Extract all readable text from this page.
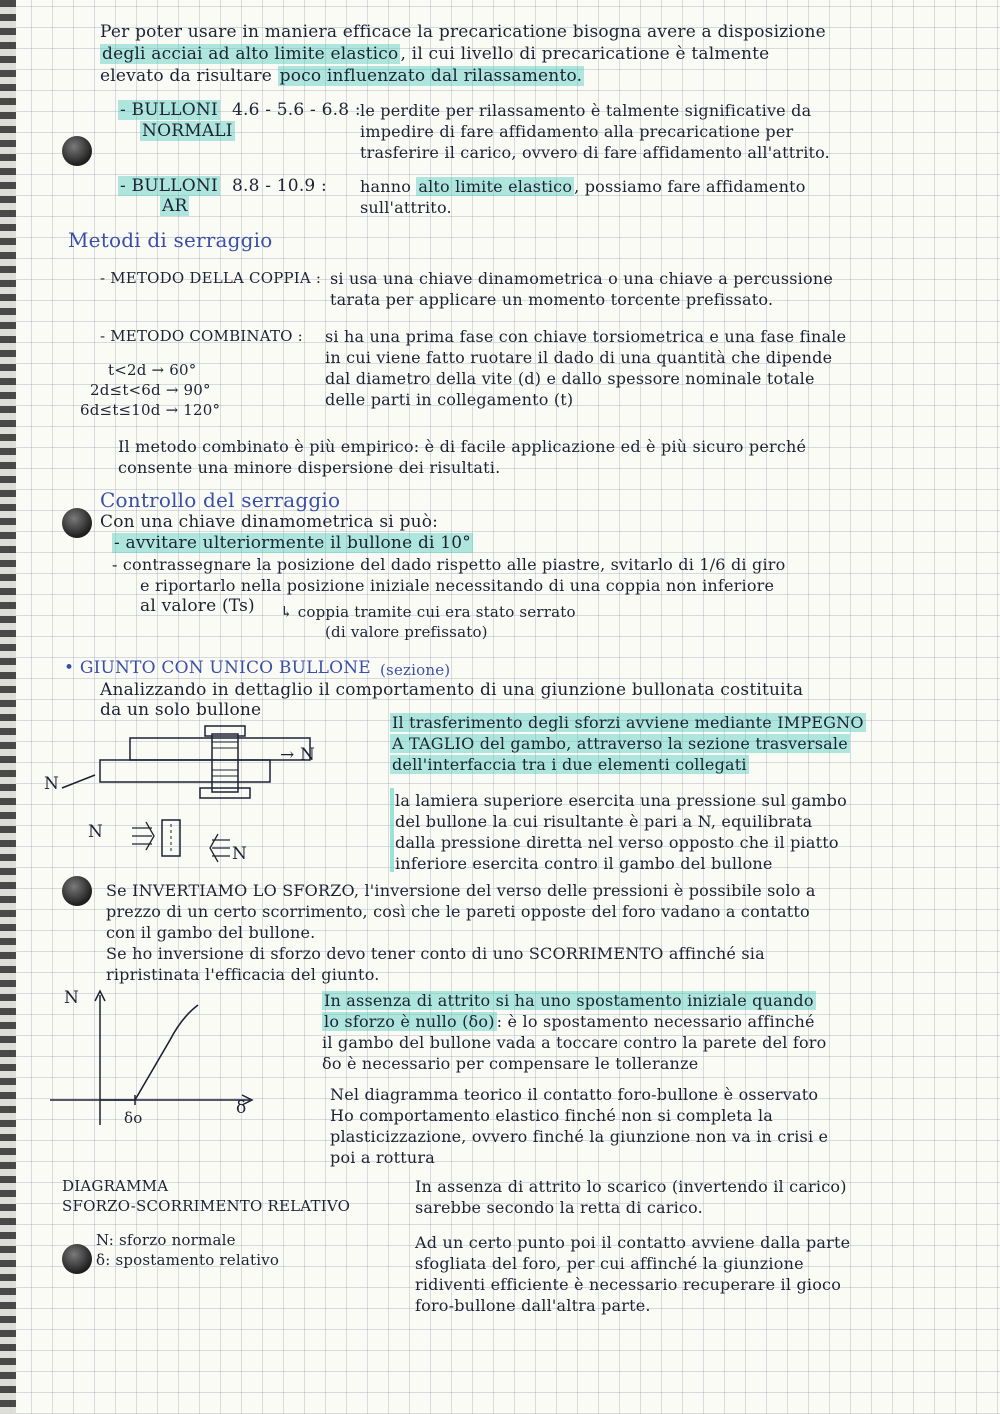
Per poter usare in maniera efficace la precaricatione bisogna avere a disposizione
degli acciai ad alto limite elastico , il cui livello di precaricatione è talmente
elevato da risultare poco influenzato dal rilassamento.
- BULLONI
NORMALI
4.6 - 5.6 - 6.8 : le perdite per rilassamento è talmente significative da
impedire di fare affidamento alla precaricatione per
trasferire il carico, ovvero di fare affidamento all'attrito.
- BULLONI
AR
8.8 - 10.9 : hanno alto limite elastico , possiamo fare affidamento
sull'attrito.
Metodi di serraggio
- METODO DELLA COPPIA : si usa una chiave dinamometrica o una chiave a percussione
tarata per applicare un momento torcente prefissato.
- METODO COMBINATO : si ha una prima fase con chiave torsiometrica e una fase finale
in cui viene fatto ruotare il dado di una quantità che dipende
dal diametro della vite (d) e dallo spessore nominale totale
delle parti in collegamento (t)
t<2d → 60°
2d≤t<6d → 90°
6d≤t≤10d → 120°
Il metodo combinato è più empirico: è di facile applicazione ed è più sicuro perché
consente una minore dispersione dei risultati.
Controllo del serraggio
Con una chiave dinamometrica si può:
- avvitare ulteriormente il bullone di 10°
- contrassegnare la posizione del dado rispetto alle piastre, svitarlo di 1/6 di giro
e riportarlo nella posizione iniziale necessitando di una coppia non inferiore
al valore (Ts) ↳ coppia tramite cui era stato serrato
(di valore prefissato)
• GIUNTO CON UNICO BULLONE (sezione)
Analizzando in dettaglio il comportamento di una giunzione bullonata costituita
da un solo bullone
Il trasferimento degli sforzi avviene mediante IMPEGNO
A TAGLIO del gambo, attraverso la sezione trasversale
dell'interfaccia tra i due elementi collegati
la lamiera superiore esercita una pressione sul gambo
del bullone la cui risultante è pari a N, equilibrata
dalla pressione diretta nel verso opposto che il piatto
inferiore esercita contro il gambo del bullone
→ N
N
N
N
Se INVERTIAMO LO SFORZO, l'inversione del verso delle pressioni è possibile solo a
prezzo di un certo scorrimento, così che le pareti opposte del foro vadano a contatto
con il gambo del bullone.
Se ho inversione di sforzo devo tener conto di uno SCORRIMENTO affinché sia
ripristinata l'efficacia del giunto.
N
δ
δo
DIAGRAMMA
SFORZO-SCORRIMENTO RELATIVO
N: sforzo normale
δ: spostamento relativo
In assenza di attrito si ha uno spostamento iniziale quando
lo sforzo è nullo (δo) : è lo spostamento necessario affinché
il gambo del bullone vada a toccare contro la parete del foro
δo è necessario per compensare le tolleranze
Nel diagramma teorico il contatto foro-bullone è osservato
Ho comportamento elastico finché non si completa la
plasticizzazione, ovvero finché la giunzione non va in crisi e
poi a rottura
In assenza di attrito lo scarico (invertendo il carico)
sarebbe secondo la retta di carico.
Ad un certo punto poi il contatto avviene dalla parte
sfogliata del foro, per cui affinché la giunzione
ridiventi efficiente è necessario recuperare il gioco
foro-bullone dall'altra parte.
